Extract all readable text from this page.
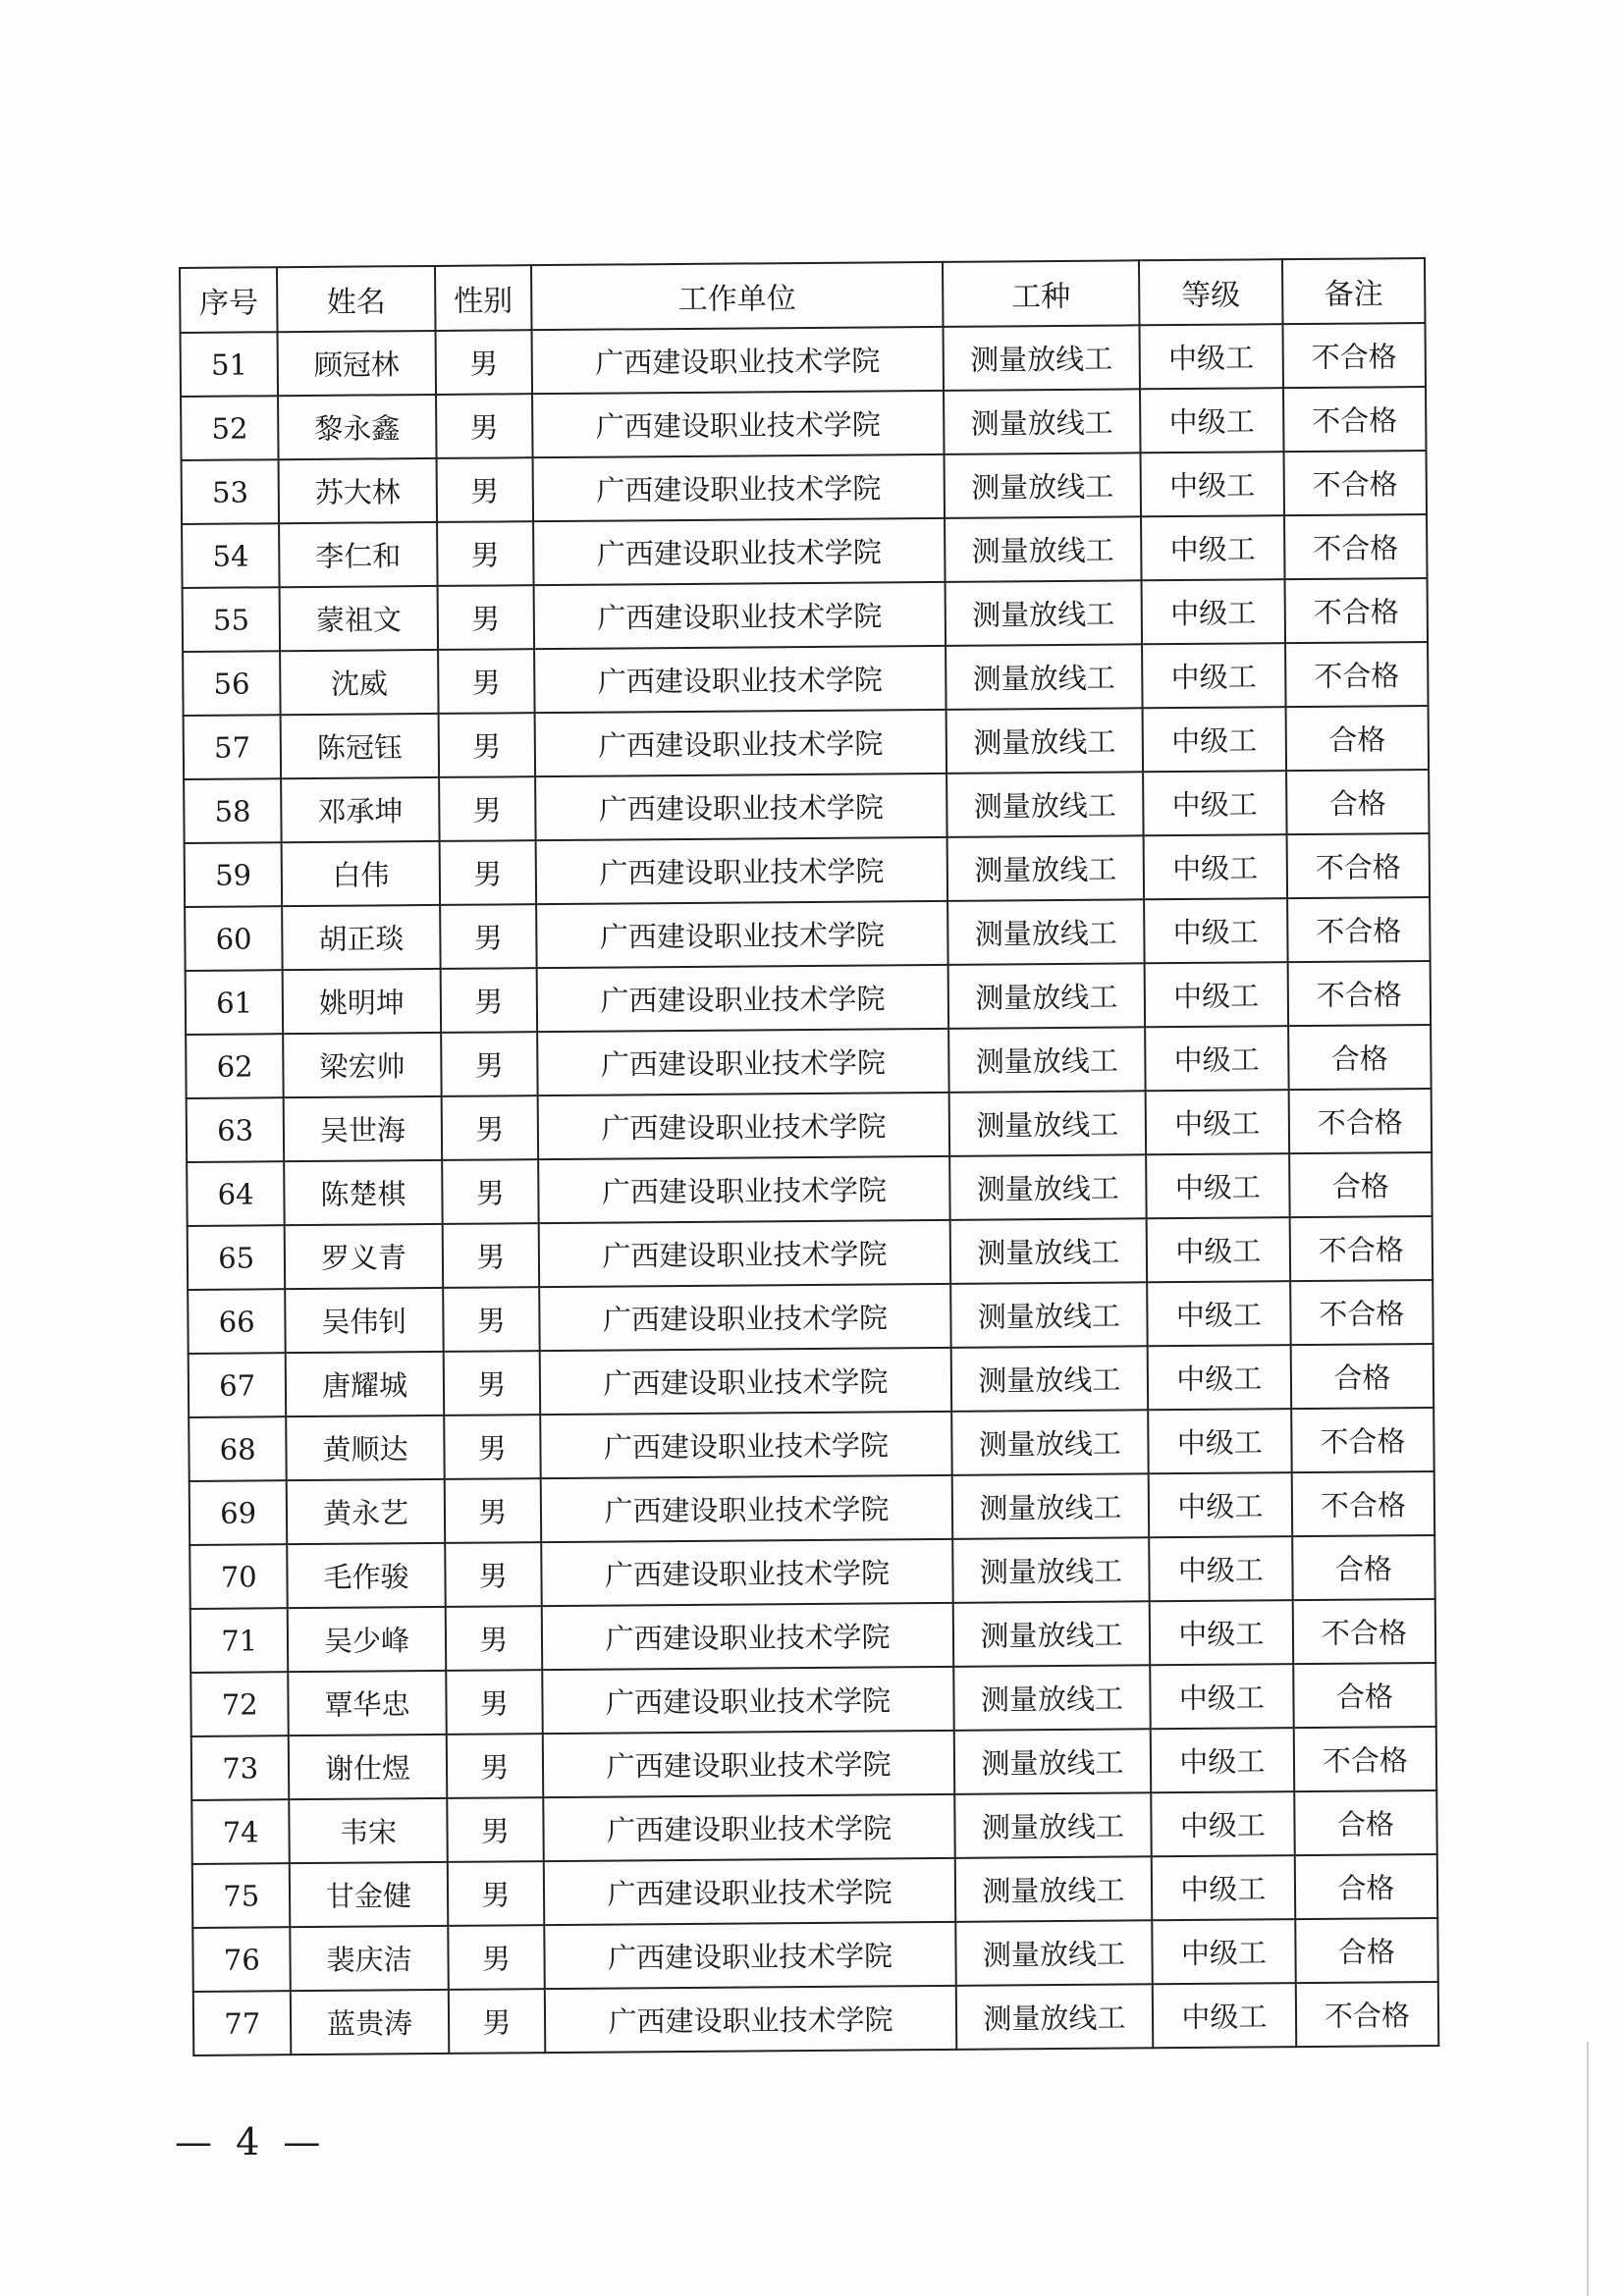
序号	姓名	性别	工作单位	工种	等级	备注
51	顾冠林	男	广西建设职业技术学院	测量放线工	中级工	不合格
52	黎永鑫	男	广西建设职业技术学院	测量放线工	中级工	不合格
53	苏大林	男	广西建设职业技术学院	测量放线工	中级工	不合格
54	李仁和	男	广西建设职业技术学院	测量放线工	中级工	不合格
55	蒙祖文	男	广西建设职业技术学院	测量放线工	中级工	不合格
56	沈威	男	广西建设职业技术学院	测量放线工	中级工	不合格
57	陈冠钰	男	广西建设职业技术学院	测量放线工	中级工	合格
58	邓承坤	男	广西建设职业技术学院	测量放线工	中级工	合格
59	白伟	男	广西建设职业技术学院	测量放线工	中级工	不合格
60	胡正琰	男	广西建设职业技术学院	测量放线工	中级工	不合格
61	姚明坤	男	广西建设职业技术学院	测量放线工	中级工	不合格
62	梁宏帅	男	广西建设职业技术学院	测量放线工	中级工	合格
63	吴世海	男	广西建设职业技术学院	测量放线工	中级工	不合格
64	陈楚棋	男	广西建设职业技术学院	测量放线工	中级工	合格
65	罗义青	男	广西建设职业技术学院	测量放线工	中级工	不合格
66	吴伟钊	男	广西建设职业技术学院	测量放线工	中级工	不合格
67	唐耀城	男	广西建设职业技术学院	测量放线工	中级工	合格
68	黄顺达	男	广西建设职业技术学院	测量放线工	中级工	不合格
69	黄永艺	男	广西建设职业技术学院	测量放线工	中级工	不合格
70	毛作骏	男	广西建设职业技术学院	测量放线工	中级工	合格
71	吴少峰	男	广西建设职业技术学院	测量放线工	中级工	不合格
72	覃华忠	男	广西建设职业技术学院	测量放线工	中级工	合格
73	谢仕煜	男	广西建设职业技术学院	测量放线工	中级工	不合格
74	韦宋	男	广西建设职业技术学院	测量放线工	中级工	合格
75	甘金健	男	广西建设职业技术学院	测量放线工	中级工	合格
76	裴庆洁	男	广西建设职业技术学院	测量放线工	中级工	合格
77	蓝贵涛	男	广西建设职业技术学院	测量放线工	中级工	不合格
— 4 —
